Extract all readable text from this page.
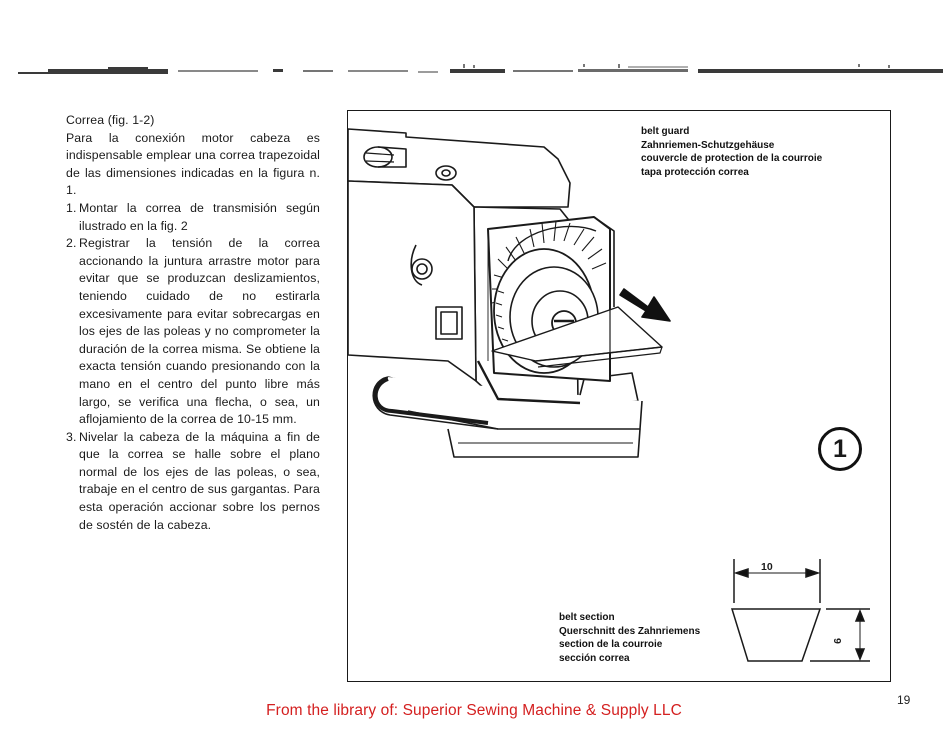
Correa (fig. 1-2)

Para la conexión motor cabeza es indispensable emplear una correa trapezoidal de las dimensiones indicadas en la figura n. 1.

1. Montar la correa de transmisión según ilustrado en la fig. 2
2. Registrar la tensión de la correa accionando la juntura arrastre motor para evitar que se produzcan deslizamientos, teniendo cuidado de no estirarla excesivamente para evitar sobrecargas en los ejes de las poleas y no comprometer la duración de la correa misma. Se obtiene la exacta tensión cuando presionando con la mano en el centro del punto libre más largo, se verifica una flecha, o sea, un aflojamiento de la correa de 10-15 mm.
3. Nivelar la cabeza de la máquina a fin de que la correa se halle sobre el plano normal de los ejes de las poleas, o sea, trabaje en el centro de sus gargantas. Para esta operación accionar sobre los pernos de sostén de la cabeza.
belt guard
Zahnriemen-Schutzgehäuse
couvercle de protection de la courroie
tapa protección correa
1
10
6
belt section
Querschnitt des Zahnriemens
section de la courroie
sección correa
19
From the library of: Superior Sewing Machine & Supply LLC
